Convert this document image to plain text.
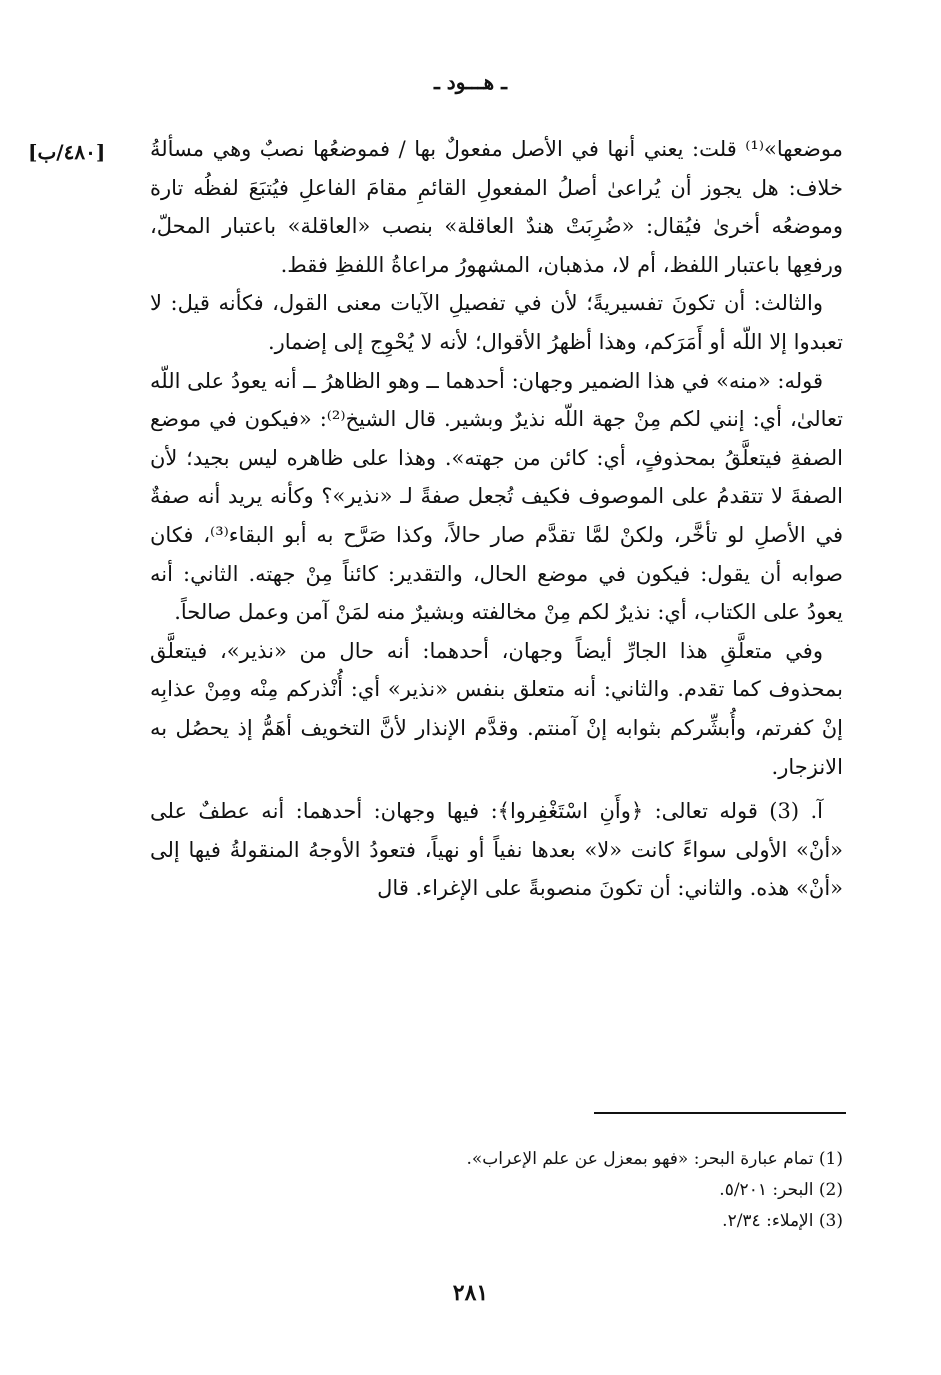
ـ هـــود ـ
[٤٨٠/ب] موضعها»⁽¹⁾ قلت: يعني أنها في الأصل مفعولٌ بها / فموضعُها نصبٌ وهي مسألةُ خلاف: هل يجوز أن يُراعىٰ أصلُ المفعولِ القائمِ مقامَ الفاعلِ فيُتبَعَ لفظُه تارة وموضعُه أخرىٰ فيُقال: «ضُرِبَتْ هندٌ العاقلة» بنصب «العاقلة» باعتبار المحلّ، ورفعِها باعتبار اللفظ، أم لا، مذهبان، المشهورُ مراعاةُ اللفظِ فقط.

والثالث: أن تكونَ تفسيريةً؛ لأن في تفصيلِ الآيات معنى القول، فكأنه قيل: لا تعبدوا إلا اللّه أو أَمَرَكم، وهذا أظهرُ الأقوال؛ لأنه لا يُحْوِج إلى إضمار.

قوله: «منه» في هذا الضمير وجهان: أحدهما ــ وهو الظاهرُ ــ أنه يعودُ على اللّه تعالىٰ، أي: إنني لكم مِنْ جهة اللّه نذيرٌ وبشير. قال الشيخ⁽²⁾: «فيكون في موضع الصفةِ فيتعلَّقُ بمحذوفٍ، أي: كائن من جهته». وهذا على ظاهره ليس بجيد؛ لأن الصفةَ لا تتقدمُ على الموصوف فكيف تُجعل صفةً لـ «نذير»؟ وكأنه يريد أنه صفةٌ في الأصلِ لو تأخَّر، ولكنْ لمَّا تقدَّم صار حالاً، وكذا صَرَّح به أبو البقاء⁽³⁾، فكان صوابه أن يقول: فيكون في موضع الحال، والتقدير: كائناً مِنْ جهته. الثاني: أنه يعودُ على الكتاب، أي: نذيرٌ لكم مِنْ مخالفته وبشيرٌ منه لمَنْ آمن وعمل صالحاً.

وفي متعلَّقِ هذا الجارِّ أيضاً وجهان، أحدهما: أنه حال من «نذير»، فيتعلَّق بمحذوف كما تقدم. والثاني: أنه متعلق بنفس «نذير» أي: أُنْذركم مِنْه ومِنْ عذابِه إنْ كفرتم، وأُبشِّركم بثوابه إنْ آمنتم. وقدَّم الإنذار لأنَّ التخويف أهَمُّ إذ يحصُل به الانزجار.

آ. (3) قوله تعالى: ﴿وأَنِ اسْتَغْفِروا﴾: فيها وجهان: أحدهما: أنه عطفٌ على «أنْ» الأولى سواءً كانت «لا» بعدها نفياً أو نهياً، فتعودُ الأوجهُ المنقولةُ فيها إلى «أنْ» هذه. والثاني: أن تكونَ منصوبةً على الإغراء. قال

(1) تمام عبارة البحر: «فهو بمعزل عن علم الإعراب».
(2) البحر: ٥/٢٠١.
(3) الإملاء: ٢/٣٤.
٢٨١
